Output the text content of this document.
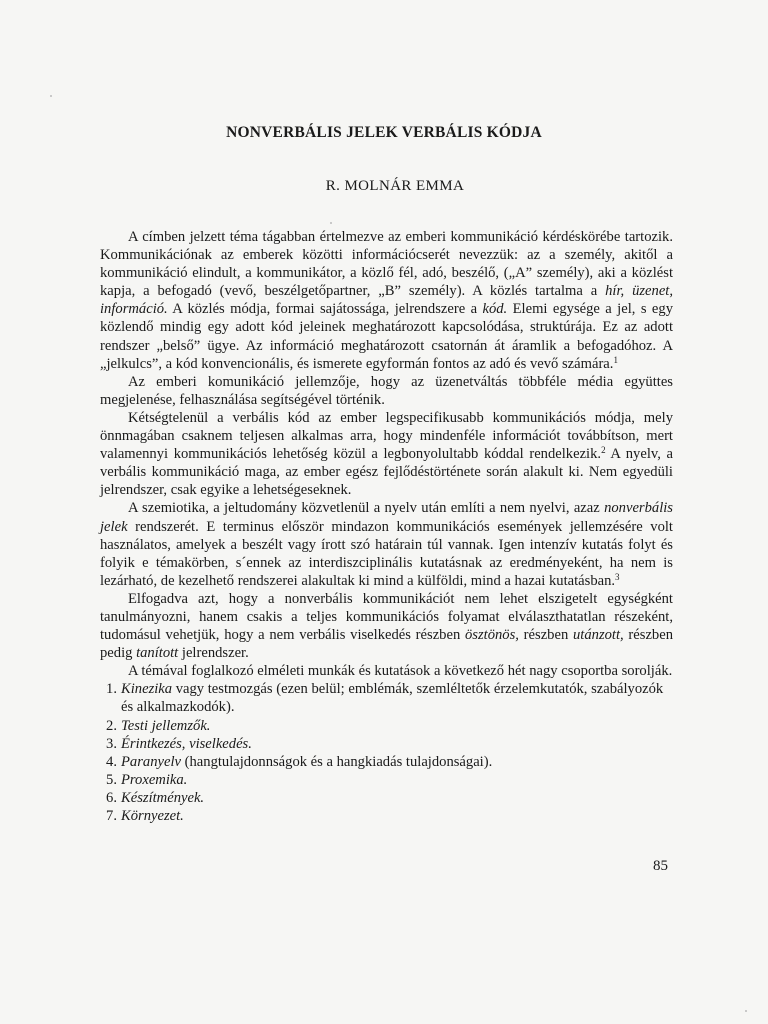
NONVERBÁLIS JELEK VERBÁLIS KÓDJA
R. MOLNÁR EMMA

A címben jelzett téma tágabban értelmezve az emberi kommunikáció kérdéskörébe tartozik. Kommunikációnak az emberek közötti információcserét nevezzük: az a személy, akitől a kommunikáció elindult, a kommunikátor, a közlő fél, adó, beszélő, („A” személy), aki a közlést kapja, a befogadó (vevő, beszélgetőpartner, „B” személy). A közlés tartalma a hír, üzenet, információ. A közlés módja, formai sajátossága, jelrendszere a kód. Elemi egysége a jel, s egy közlendő mindig egy adott kód jeleinek meghatározott kapcsolódása, struktúrája. Ez az adott rendszer „belső” ügye. Az információ meghatározott csatornán át áramlik a befogadóhoz. A „jelkulcs”, a kód konvencionális, és ismerete egyformán fontos az adó és vevő számára.$^1$

Az emberi komunikáció jellemzője, hogy az üzenetváltás többféle média együttes megjelenése, felhasználása segítségével történik.

Kétségtelenül a verbális kód az ember legspecifikusabb kommunikációs módja, mely önnmagában csaknem teljesen alkalmas arra, hogy mindenféle információt továbbítson, mert valamennyi kommunikációs lehetőség közül a legbonyolultabb kóddal rendelkezik.$^2$ A nyelv, a verbális kommunikáció maga, az ember egész fejlődéstörténete során alakult ki. Nem egyedüli jelrendszer, csak egyike a lehetségeseknek.

A szemiotika, a jeltudomány közvetlenül a nyelv után említi a nem nyelvi, azaz nonverbális jelek rendszerét. E terminus először mindazon kommunikációs események jellemzésére volt használatos, amelyek a beszélt vagy írott szó határain túl vannak. Igen intenzív kutatás folyt és folyik e témakörben, s´ennek az interdiszciplinális kutatásnak az eredményeként, ha nem is lezárható, de kezelhető rendszerei alakultak ki mind a külföldi, mind a hazai kutatásban.$^3$

Elfogadva azt, hogy a nonverbális kommunikációt nem lehet elszigetelt egységként tanulmányozni, hanem csakis a teljes kommunikációs folyamat elválaszthatatlan részeként, tudomásul vehetjük, hogy a nem verbális viselkedés részben ösztönös, részben utánzott, részben pedig tanított jelrendszer.

A témával foglalkozó elméleti munkák és kutatások a következő hét nagy csoportba sorolják.

1. Kinezika vagy testmozgás (ezen belül; emblémák, szemléltetők érzelemkutatók, szabályozók és alkalmazkodók).
2. Testi jellemzők.
3. Érintkezés, viselkedés.
4. Paranyelv (hangtulajdonnságok és a hangkiadás tulajdonságai).
5. Proxemika.
6. Készítmények.
7. Környezet.
85
